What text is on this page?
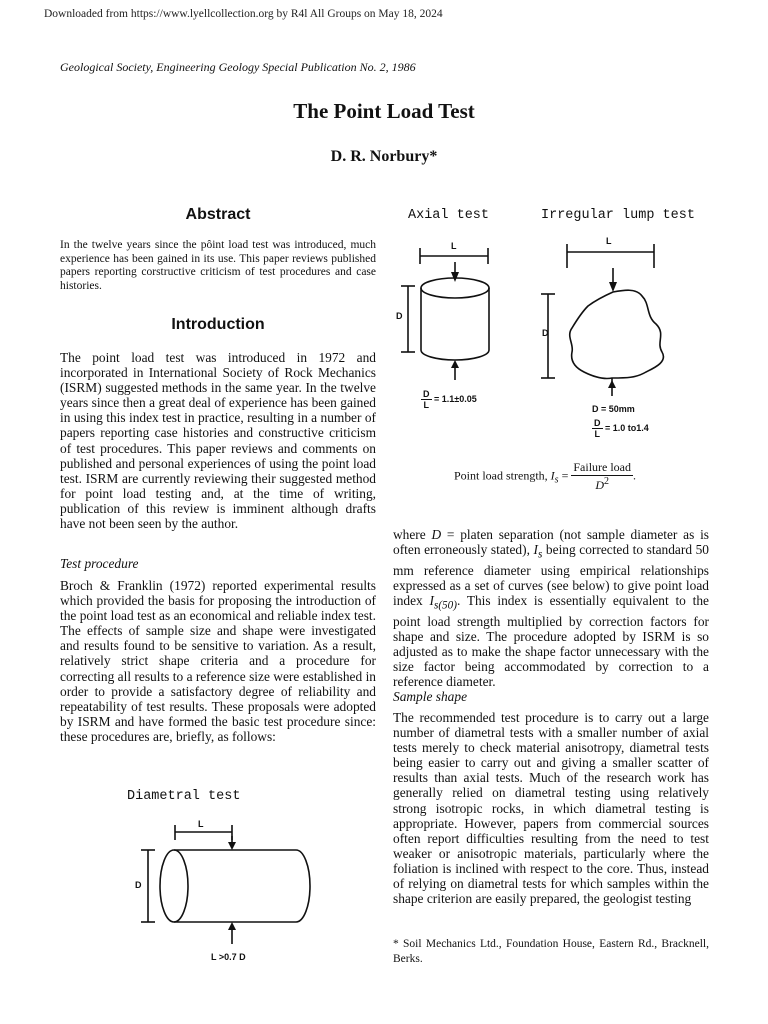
Downloaded from https://www.lyellcollection.org by R4l All Groups on May 18, 2024
Geological Society, Engineering Geology Special Publication No. 2, 1986
The Point Load Test
D. R. Norbury*
Abstract
In the twelve years since the pôint load test was introduced, much experience has been gained in its use. This paper reviews published papers reporting corstructive criticism of test procedures and case histories.
Introduction
The point load test was introduced in 1972 and incorporated in International Society of Rock Mechanics (ISRM) suggested methods in the same year. In the twelve years since then a great deal of experience has been gained in using this index test in practice, resulting in a number of papers reporting case histories and constructive criticism of test procedures. This paper reviews and comments on published and personal experiences of using the point load test. ISRM are currently reviewing their suggested method for point load testing and, at the time of writing, publication of this review is imminent although drafts have not been seen by the author.
Test procedure
Broch & Franklin (1972) reported experimental results which provided the basis for proposing the introduction of the point load test as an economical and reliable index test. The effects of sample size and shape were investigated and results found to be sensitive to variation. As a result, relatively strict shape criteria and a procedure for correcting all results to a reference size were established in order to provide a satisfactory degree of reliability and repeatability of test results. These proposals were adopted by ISRM and have formed the basic test procedure since: these procedures are, briefly, as follows:
Diametral test
L
D
L >0.7 D
Axial test
L
D
$\frac{D}{L} = 1.1\pm 0.05$
Irregular lump test
L
D
D = 50mm
$\frac{D}{L} = 1.0$ to1.4
Point load strength, $I_s = \frac{\text{Failure load}}{D^2}$ .
where D = platen separation (not sample diameter as is often erroneously stated), $I_s$ being corrected to standard 50 mm reference diameter using empirical relationships expressed as a set of curves (see below) to give point load index $I_{s(50)}$. This index is essentially equivalent to the point load strength multiplied by correction factors for shape and size. The procedure adopted by ISRM is so adjusted as to make the shape factor unnecessary with the size factor being accommodated by correction to a reference diameter.
Sample shape
The recommended test procedure is to carry out a large number of diametral tests with a smaller number of axial tests merely to check material anisotropy, diametral tests being easier to carry out and giving a smaller scatter of results than axial tests. Much of the research work has generally relied on diametral testing using relatively strong isotropic rocks, in which diametral testing is appropriate. However, papers from commercial sources often report difficulties resulting from the need to test weaker or anisotropic materials, particularly where the foliation is inclined with respect to the core. Thus, instead of relying on diametral tests for which samples within the shape criterion are easily prepared, the geologist testing
* Soil Mechanics Ltd., Foundation House, Eastern Rd., Bracknell, Berks.
